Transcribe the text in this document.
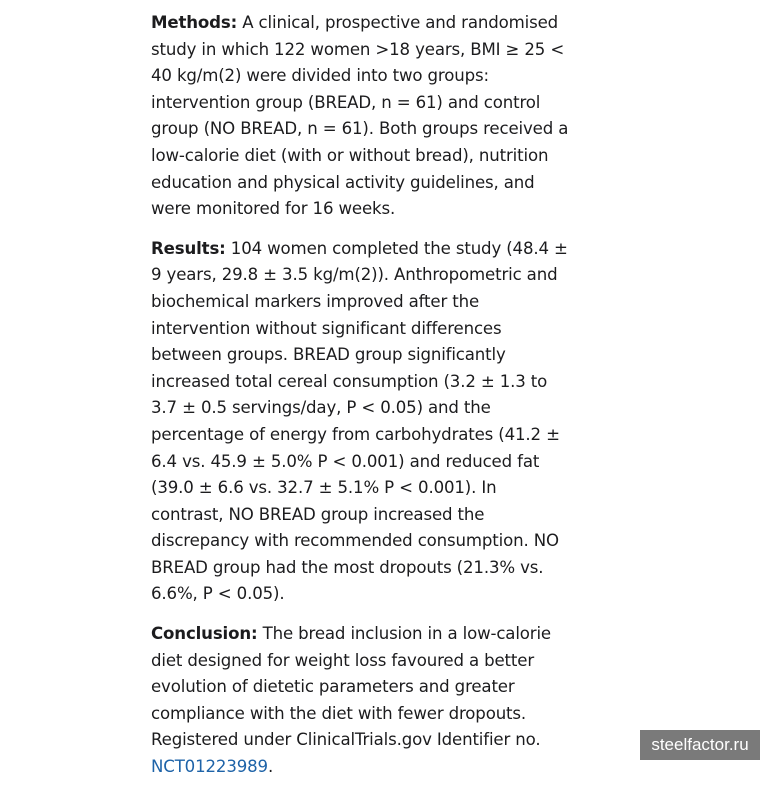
Methods: A clinical, prospective and randomised study in which 122 women >18 years, BMI ≥ 25 < 40 kg/m(2) were divided into two groups: intervention group (BREAD, n = 61) and control group (NO BREAD, n = 61). Both groups received a low-calorie diet (with or without bread), nutrition education and physical activity guidelines, and were monitored for 16 weeks.

Results: 104 women completed the study (48.4 ± 9 years, 29.8 ± 3.5 kg/m(2)). Anthropometric and biochemical markers improved after the intervention without significant differences between groups. BREAD group significantly increased total cereal consumption (3.2 ± 1.3 to 3.7 ± 0.5 servings/day, P < 0.05) and the percentage of energy from carbohydrates (41.2 ± 6.4 vs. 45.9 ± 5.0% P < 0.001) and reduced fat (39.0 ± 6.6 vs. 32.7 ± 5.1% P < 0.001). In contrast, NO BREAD group increased the discrepancy with recommended consumption. NO BREAD group had the most dropouts (21.3% vs. 6.6%, P < 0.05).

Conclusion: The bread inclusion in a low-calorie diet designed for weight loss favoured a better evolution of dietetic parameters and greater compliance with the diet with fewer dropouts. Registered under ClinicalTrials.gov Identifier no. NCT01223989.

steelfactor.ru
